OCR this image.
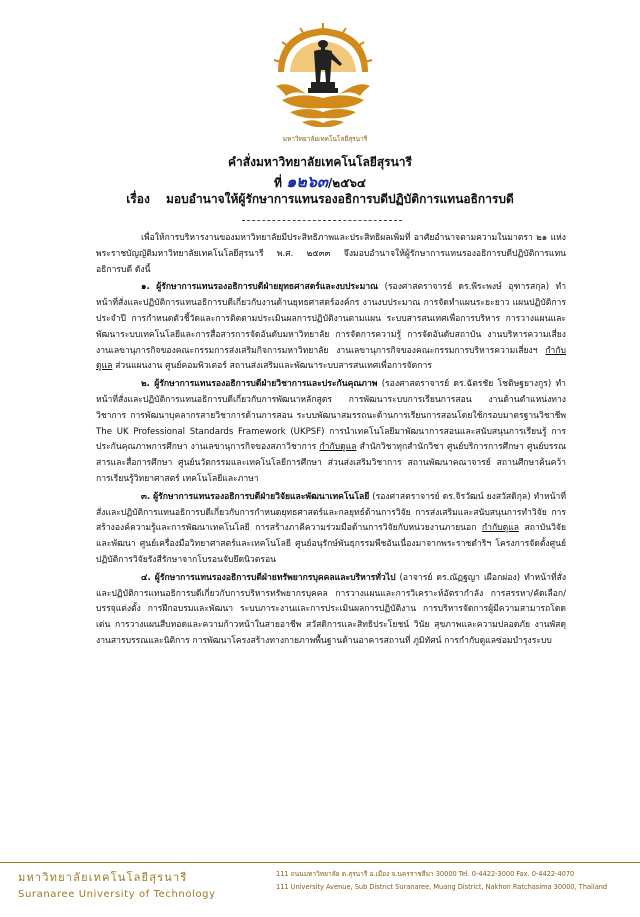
มหาวิทยาลัยเทคโนโลยีสุรนารี
คำสั่งมหาวิทยาลัยเทคโนโลยีสุรนารี
ที่ ๑๒๖๓/๒๕๖๔
เรื่อง มอบอำนาจให้ผู้รักษาการแทนรองอธิการบดีปฏิบัติการแทนอธิการบดี

เพื่อให้การบริหารงานของมหาวิทยาลัยมีประสิทธิภาพและประสิทธิผลเพิ่มที่ อาศัยอำนาจตามความในมาตรา ๒๑ แห่งพระราชบัญญัติมหาวิทยาลัยเทคโนโลยีสุรนารี พ.ศ. ๒๕๓๓ จึงมอบอำนาจให้ผู้รักษาการแทนรองอธิการบดีปฏิบัติการแทนอธิการบดี ดังนี้

๑. ผู้รักษาการแทนรองอธิการบดีฝ่ายยุทธศาสตร์และงบประมาณ (รองศาสตราจารย์ ดร.พีระพงษ์ อุฑารสกุล) ทำหน้าที่สั่งและปฏิบัติการแทนอธิการบดีเกี่ยวกับงานด้านยุทธศาสตร์องค์กร งานงบประมาณ การจัดทำแผนระยะยาว แผนปฏิบัติการประจำปี การกำหนดตัวชี้วัดและการติดตามประเมินผลการปฏิบัติงานตามแผน ระบบสารสนเทศเพื่อการบริหาร การวางแผนและพัฒนาระบบเทคโนโลยีและการสื่อสารการจัดอันดับมหาวิทยาลัย การจัดการความรู้ การจัดอันดับสถาบัน งานบริหารความเสี่ยง งานเลขานุการกิจของคณะกรรมการส่งเสริมกิจการมหาวิทยาลัย งานเลขานุการกิจของคณะกรรมการบริหารความเสี่ยงฯ กำกับดูแล ส่วนแผนงาน ศูนย์คอมพิวเตอร์ สถานส่งเสริมและพัฒนาระบบสารสนเทศเพื่อการจัดการ

๒. ผู้รักษาการแทนรองอธิการบดีฝ่ายวิชาการและประกันคุณภาพ (รองศาสตราจารย์ ดร.ฉัตรชัย โชติษฐยางกูร) ทำหน้าที่สั่งและปฏิบัติการแทนอธิการบดีเกี่ยวกับการพัฒนาหลักสูตร การพัฒนาระบบการเรียนการสอน งานด้านตำแหน่งทางวิชาการ การพัฒนาบุคลากรสายวิชาการด้านการสอน ระบบพัฒนาสมรรถนะด้านการเรียนการสอนโดยใช้กรอบมาตรฐานวิชาชีพ The UK Professional Standards Framework (UKPSF) การนำเทคโนโลยีมาพัฒนาการสอนและสนับสนุนการเรียนรู้ การประกันคุณภาพการศึกษา งานเลขานุการกิจของสภาวิชาการ กำกับดูแล สำนักวิชาทุกสำนักวิชา ศูนย์บริการการศึกษา ศูนย์บรรณสารและสื่อการศึกษา ศูนย์นวัตกรรมและเทคโนโลยีการศึกษา ส่วนส่งเสริมวิชาการ สถานพัฒนาคณาจารย์ สถานศึกษาค้นคว้าการเรียนรู้วิทยาศาสตร์ เทคโนโลยีและภาษา

๓. ผู้รักษาการแทนรองอธิการบดีฝ่ายวิจัยและพัฒนาเทคโนโลยี (รองศาสตราจารย์ ดร.จิรวัฒน์ ยงสวัสดิกุล) ทำหน้าที่สั่งและปฏิบัติการแทนอธิการบดีเกี่ยวกับการกำหนดยุทธศาสตร์และกลยุทธ์ด้านการวิจัย การส่งเสริมและสนับสนุนการทำวิจัย การสร้างองค์ความรู้และการพัฒนาเทคโนโลยี การสร้างภาคีความร่วมมือด้านการวิจัยกับหน่วยงานภายนอก กำกับดูแล สถาบันวิจัยและพัฒนา ศูนย์เครื่องมือวิทยาศาสตร์และเทคโนโลยี ศูนย์อนุรักษ์พันธุกรรมพืชอันเนื่องมาจากพระราชดำริฯ โครงการจัดตั้งศูนย์ปฏิบัติการวิจัยรังสีรักษาจากโบรอนจับยึดนิวตรอน

๔. ผู้รักษาการแทนรองอธิการบดีฝ่ายทรัพยากรบุคคลและบริหารทั่วไป (อาจารย์ ดร.ณัฏฐญา เผือกผ่อง) ทำหน้าที่สั่งและปฏิบัติการแทนอธิการบดีเกี่ยวกับการบริหารทรัพยากรบุคคล การวางแผนและการวิเคราะห์อัตรากำลัง การสรรหา/คัดเลือก/บรรจุแต่งตั้ง การฝึกอบรมและพัฒนา ระบบภาระงานและการประเมินผลการปฏิบัติงาน การบริหารจัดการผู้มีความสามารถโดดเด่น การวางแผนสืบทอดและความก้าวหน้าในสายอาชีพ สวัสดิการและสิทธิประโยชน์ วินัย สุขภาพและความปลอดภัย งานพัสดุ งานสารบรรณและนิติการ การพัฒนาโครงสร้างทางกายภาพพื้นฐานด้านอาคารสถานที่ ภูมิทัศน์ การกำกับดูแลซ่อมบำรุงระบบ

มหาวิทยาลัยเทคโนโลยีสุรนารี
Suranaree University of Technology
111 ถนนมหาวิทยาลัย ต.สุรนารี อ.เมือง จ.นครราชสีมา 30000 Tel. 0-4422-3000 Fax. 0-4422-4070
111 University Avenue, Sub District Suranaree, Muang District, Nakhon Ratchasima 30000, Thailand
